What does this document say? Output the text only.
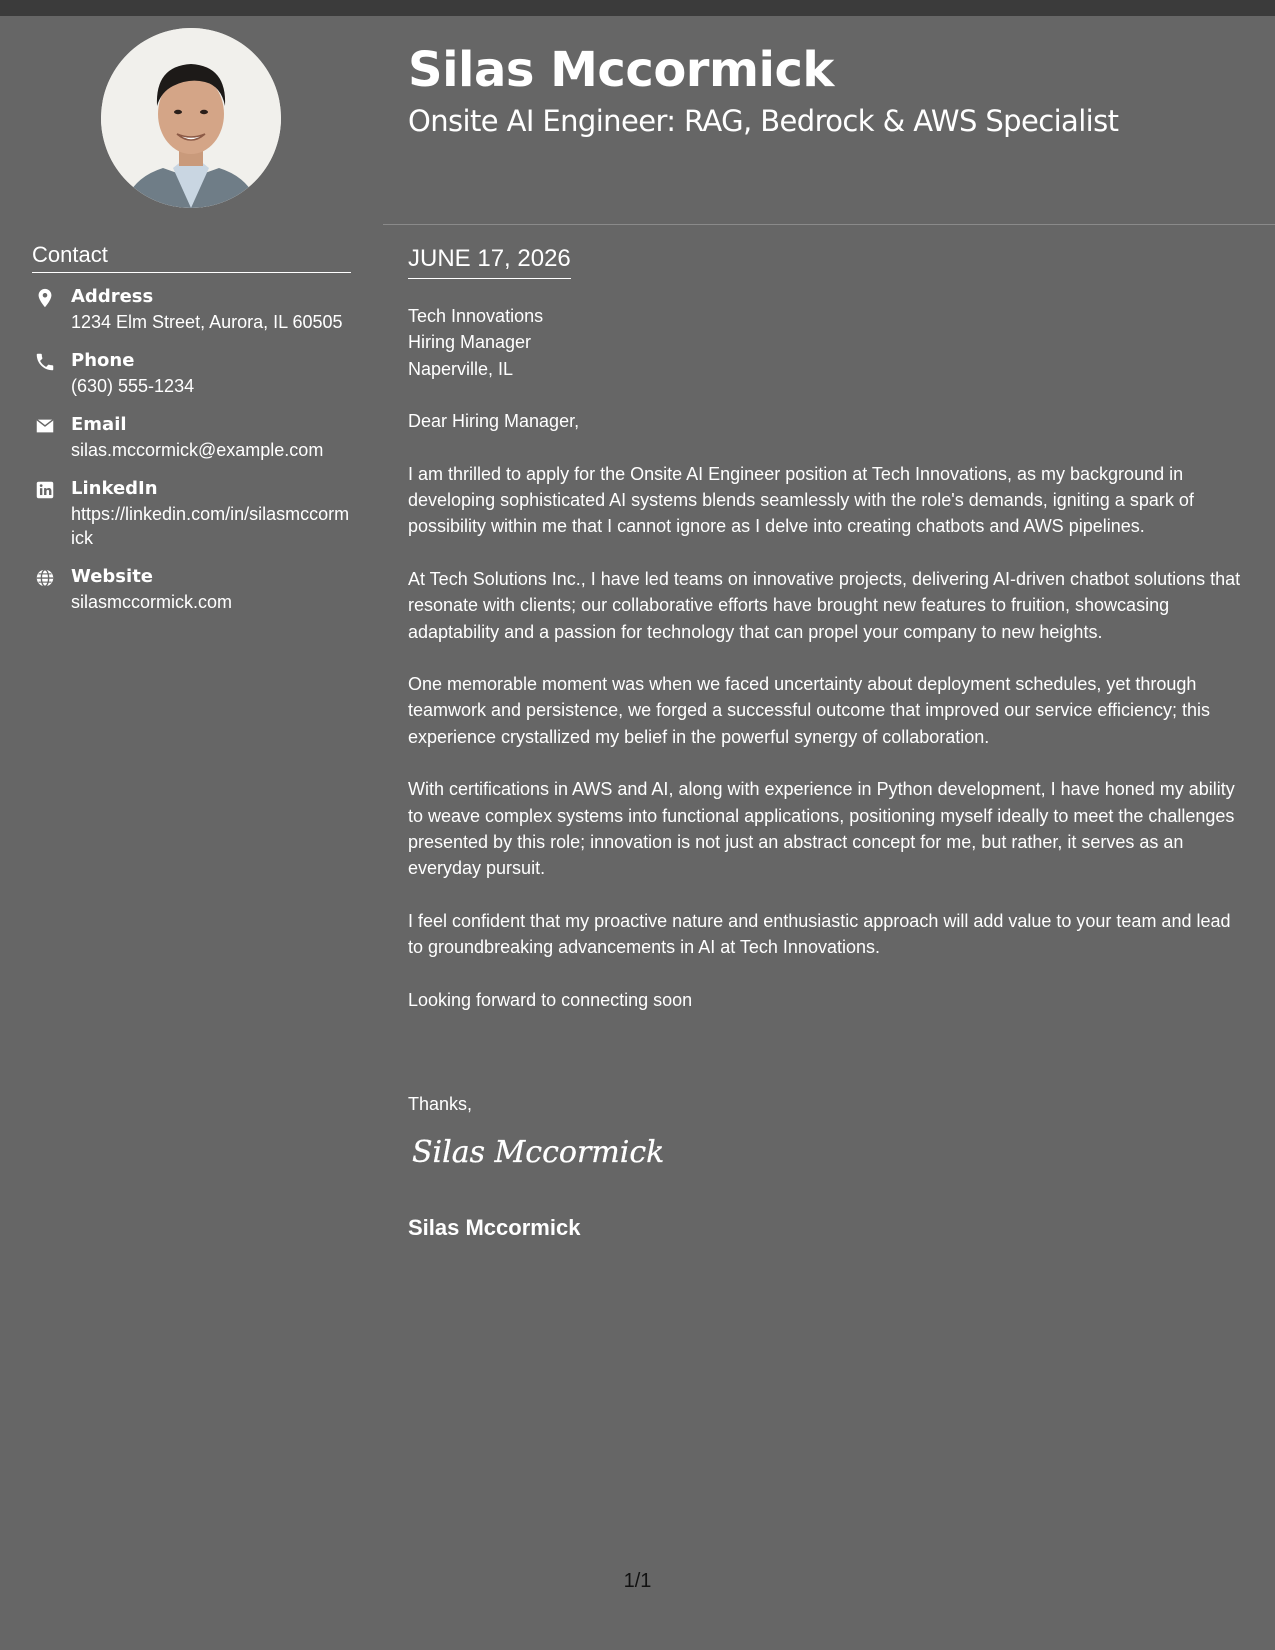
Contact
Address
1234 Elm Street, Aurora, IL 60505
Phone
(630) 555-1234
Email
silas.mccormick@example.com
LinkedIn
https://linkedin.com/in/silasmccormick
Website
silasmccormick.com
Silas Mccormick
Onsite AI Engineer: RAG, Bedrock & AWS Specialist
JUNE 17, 2026
Tech Innovations
Hiring Manager
Naperville, IL

Dear Hiring Manager,

I am thrilled to apply for the Onsite AI Engineer position at Tech Innovations, as my background in developing sophisticated AI systems blends seamlessly with the role's demands, igniting a spark of possibility within me that I cannot ignore as I delve into creating chatbots and AWS pipelines.

At Tech Solutions Inc., I have led teams on innovative projects, delivering AI-driven chatbot solutions that resonate with clients; our collaborative efforts have brought new features to fruition, showcasing adaptability and a passion for technology that can propel your company to new heights.

One memorable moment was when we faced uncertainty about deployment schedules, yet through teamwork and persistence, we forged a successful outcome that improved our service efficiency; this experience crystallized my belief in the powerful synergy of collaboration.

With certifications in AWS and AI, along with experience in Python development, I have honed my ability to weave complex systems into functional applications, positioning myself ideally to meet the challenges presented by this role; innovation is not just an abstract concept for me, but rather, it serves as an everyday pursuit.

I feel confident that my proactive nature and enthusiastic approach will add value to your team and lead to groundbreaking advancements in AI at Tech Innovations.

Looking forward to connecting soon

Thanks,

Silas Mccormick
Silas Mccormick
1/1
